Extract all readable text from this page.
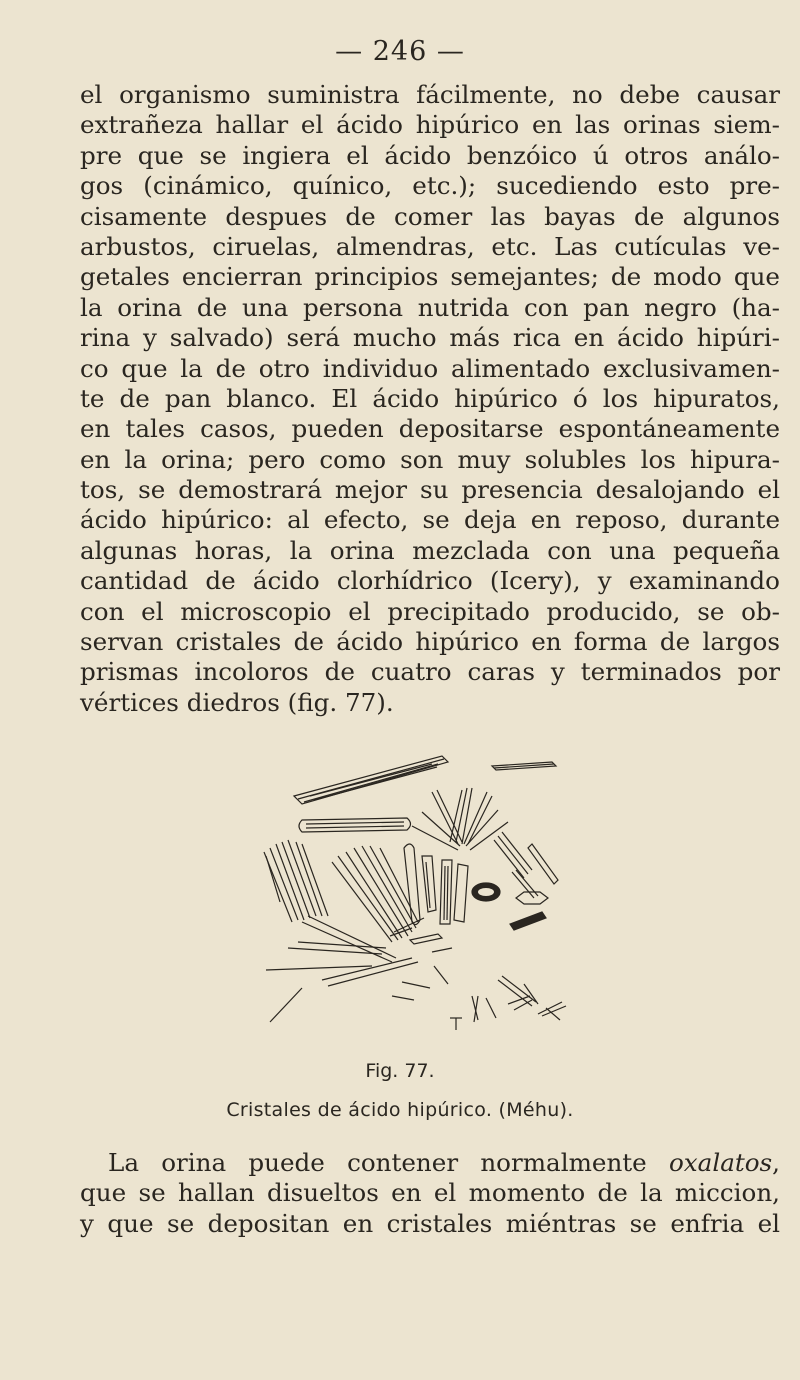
— 246 —
el organismo suministra fácilmente, no debe causar
extrañeza hallar el ácido hipúrico en las orinas siem-
pre que se ingiera el ácido benzóico ú otros análo-
gos (cinámico, quínico, etc.); sucediendo esto pre-
cisamente despues de comer las bayas de algunos
arbustos, ciruelas, almendras, etc. Las cutículas ve-
getales encierran principios semejantes; de modo que
la orina de una persona nutrida con pan negro (ha-
rina y salvado) será mucho más rica en ácido hipúri-
co que la de otro individuo alimentado exclusivamen-
te de pan blanco. El ácido hipúrico ó los hipuratos,
en tales casos, pueden depositarse espontáneamente
en la orina; pero como son muy solubles los hipura-
tos, se demostrará mejor su presencia desalojando el
ácido hipúrico: al efecto, se deja en reposo, durante
algunas horas, la orina mezclada con una pequeña
cantidad de ácido clorhídrico (Icery), y examinando
con el microscopio el precipitado producido, se ob-
servan cristales de ácido hipúrico en forma de largos
prismas incoloros de cuatro caras y terminados por
vértices diedros (fig. 77).
Fig. 77.
Cristales de ácido hipúrico. (Méhu).
La orina puede contener normalmente oxalatos,
que se hallan disueltos en el momento de la miccion,
y que se depositan en cristales miéntras se enfria el
